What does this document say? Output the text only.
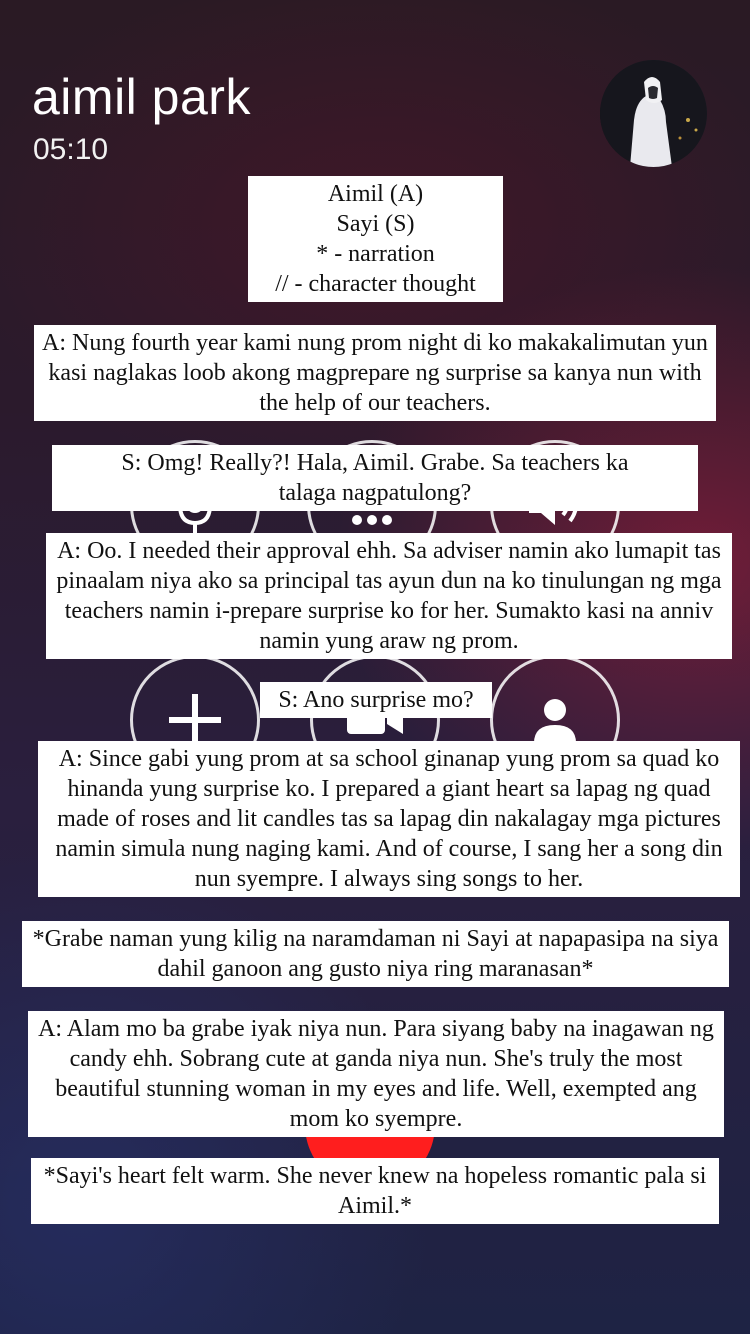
aimil park
05:10
Aimil (A)
Sayi (S)
* - narration
// - character thought
A: Nung fourth year kami nung prom night di ko makakalimutan yun kasi naglakas loob akong magprepare ng surprise sa kanya nun with the help of our teachers.
S: Omg! Really?! Hala, Aimil. Grabe. Sa teachers ka talaga nagpatulong?
A: Oo. I needed their approval ehh. Sa adviser namin ako lumapit tas pinaalam niya ako sa principal tas ayun dun na ko tinulungan ng mga teachers namin i-prepare surprise ko for her. Sumakto kasi na anniv namin yung araw ng prom.
S: Ano surprise mo?
A: Since gabi yung prom at sa school ginanap yung prom sa quad ko hinanda yung surprise ko. I prepared a giant heart sa lapag ng quad made of roses and lit candles tas sa lapag din nakalagay mga pictures namin simula nung naging kami. And of course, I sang her a song din nun syempre. I always sing songs to her.
*Grabe naman yung kilig na naramdaman ni Sayi at napapasipa na siya dahil ganoon ang gusto niya ring maranasan*
A: Alam mo ba grabe iyak niya nun. Para siyang baby na inagawan ng candy ehh. Sobrang cute at ganda niya nun. She's truly the most beautiful stunning woman in my eyes and life. Well, exempted ang mom ko syempre.
*Sayi's heart felt warm. She never knew na hopeless romantic pala si Aimil.*
